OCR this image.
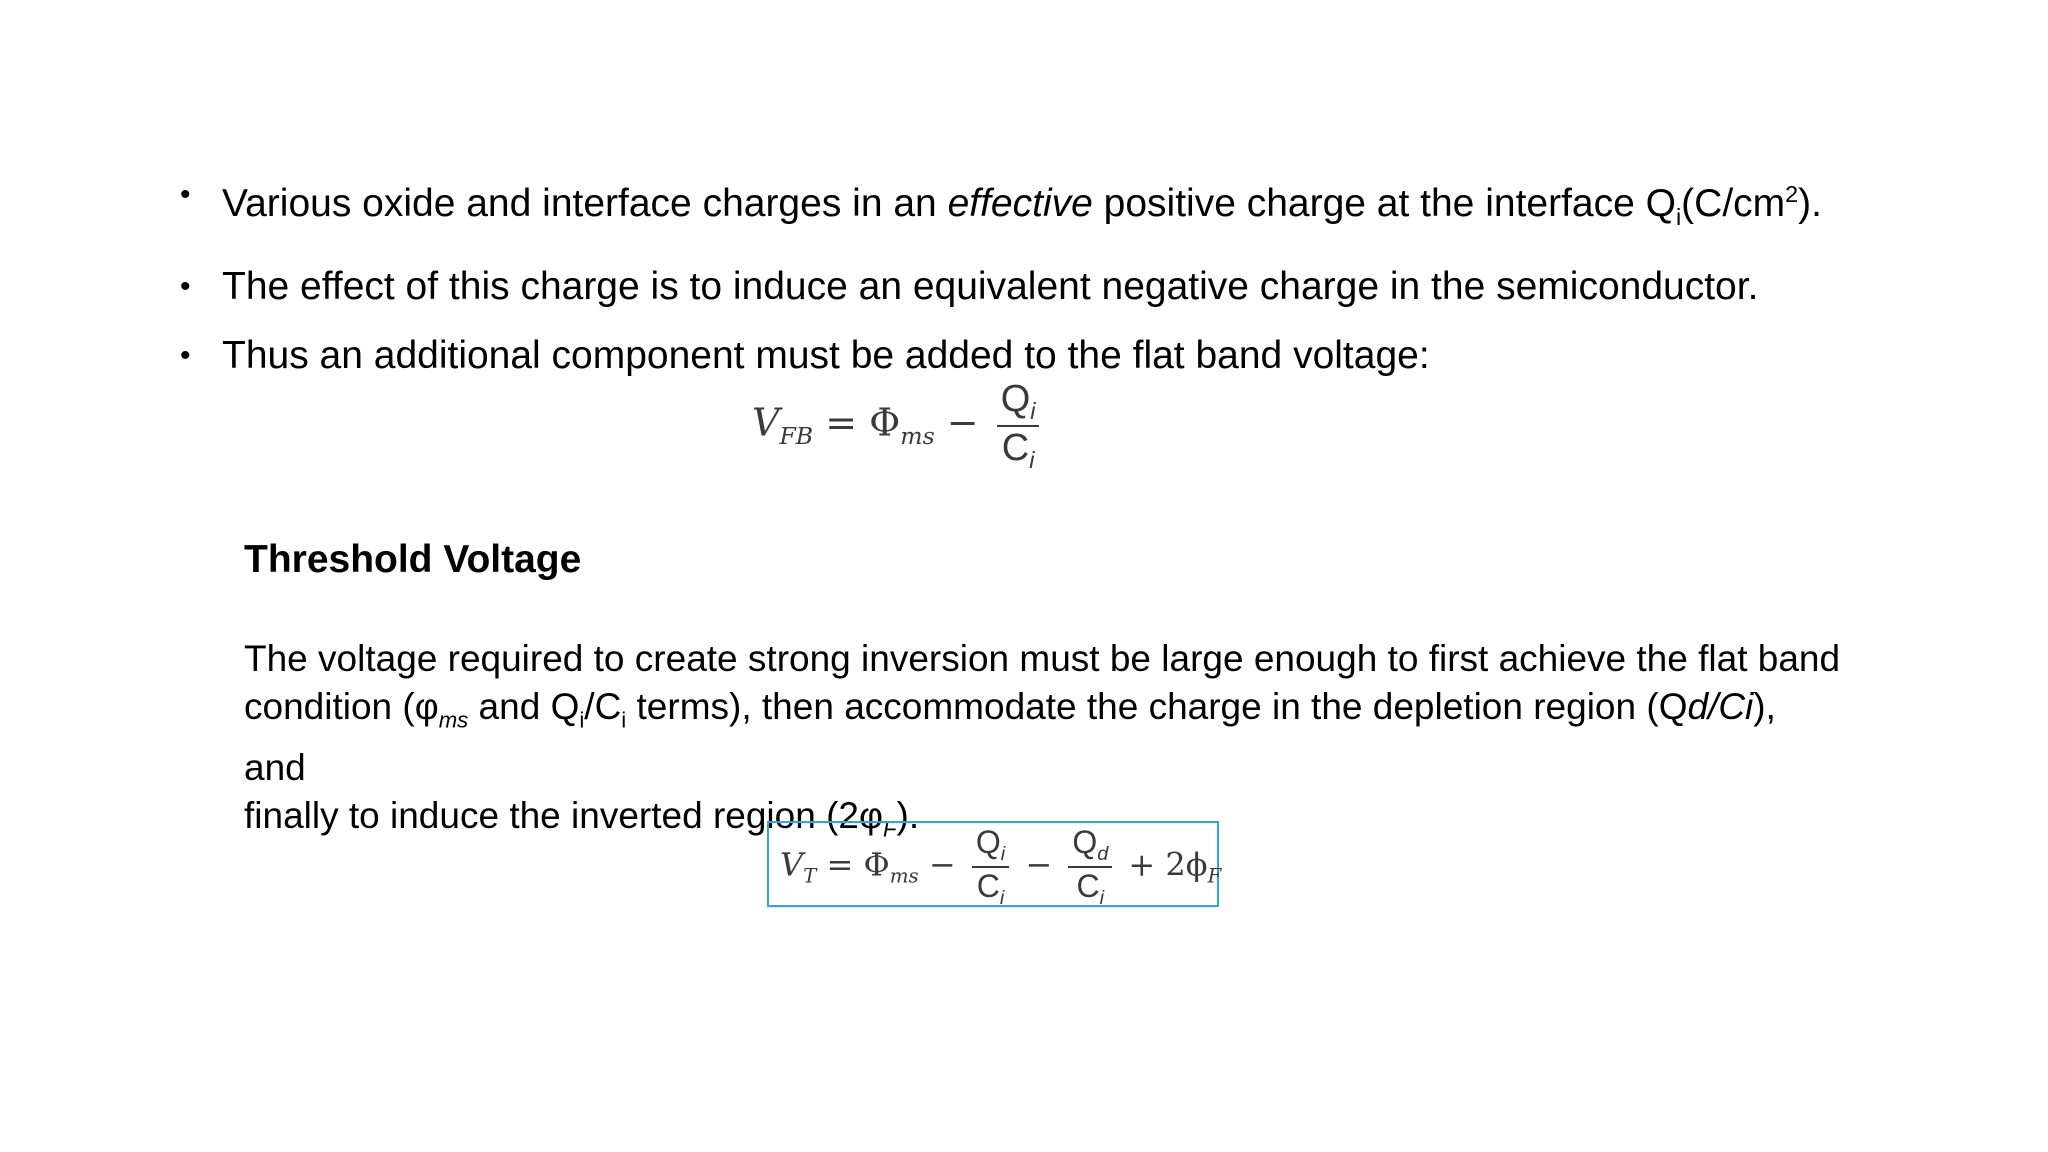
• Various oxide and interface charges in an effective positive charge at the interface $Q_i(C/cm^2)$.
• The effect of this charge is to induce an equivalent negative charge in the semiconductor.
• Thus an additional component must be added to the flat band voltage:
$V_{FB} = \Phi_{ms} - \frac{Q_i}{C_i}$
Threshold Voltage
The voltage required to create strong inversion must be large enough to first achieve the flat band
condition ($\varphi_{ms}$ and $Q_i/C_i$ terms), then accommodate the charge in the depletion region (Qd/Ci), and
finally to induce the inverted region $(2\varphi_F)$.
$V_T = \Phi_{ms} - \frac{Q_i}{C_i} - \frac{Q_d}{C_i} + 2\phi_F$
